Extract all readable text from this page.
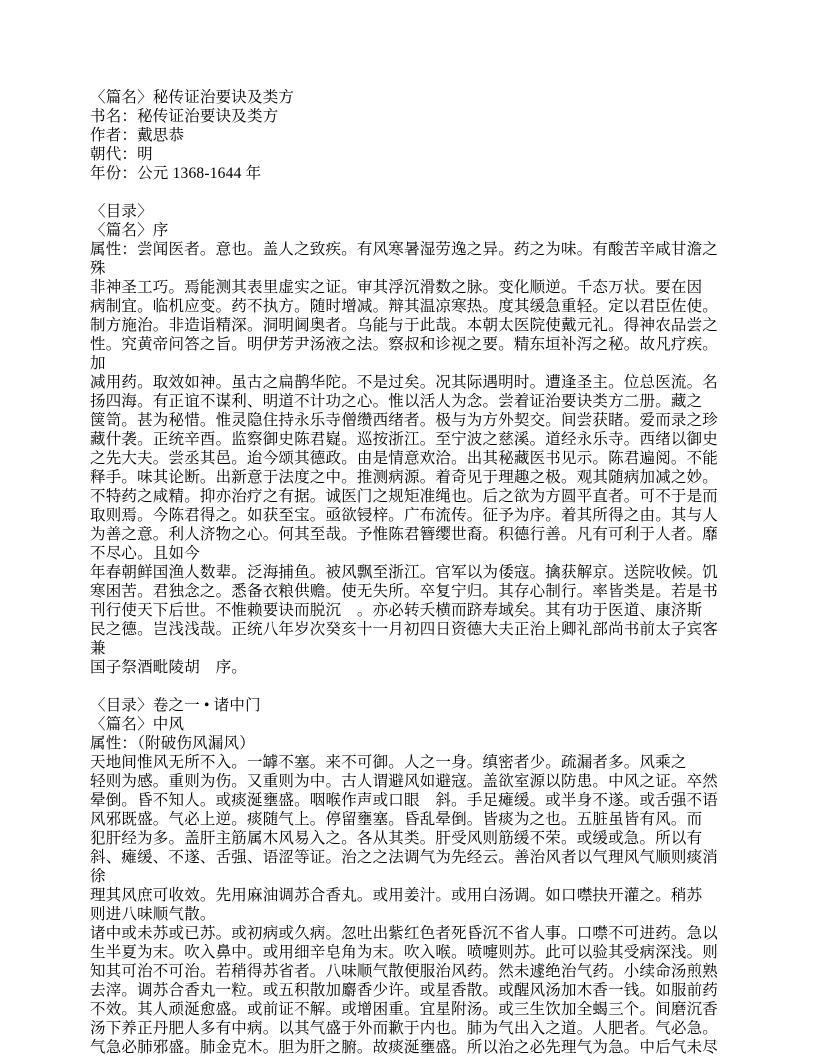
〈篇名〉秘传证治要诀及类方
书名：秘传证治要诀及类方
作者：戴思恭
朝代：明
年份：公元 1368-1644 年
〈目录〉
〈篇名〉序
属性：尝闻医者。意也。盖人之致疾。有风寒暑湿劳逸之异。药之为味。有酸苦辛咸甘澹之殊
非神圣工巧。焉能测其表里虚实之证。审其浮沉滑数之脉。变化顺逆。千态万状。要在因
病制宜。临机应变。药不执方。随时增减。辩其温凉寒热。度其缓急重轻。定以君臣佐使。
制方施治。非造诣精深。洞明阃奥者。乌能与于此哉。本朝太医院使戴元礼。得神农品尝之
性。究黄帝问答之旨。明伊芳尹汤液之法。察叔和诊视之要。精东垣补泻之秘。故凡疗疾。加
减用药。取效如神。虽古之扁鹊华陀。不是过矣。况其际遇明时。遭逢圣主。位总医流。名
扬四海。有正谊不谋利、明道不计功之心。惟以活人为念。尝着证治要诀类方二册。藏之
箧笥。甚为秘惜。惟灵隐住持永乐寺僧缵西绪者。极与为方外契交。间尝获睹。爱而录之珍
藏什袭。正统辛酉。监察御史陈君嶷。巡按浙江。至宁波之慈溪。道经永乐寺。西绪以御史
之先大夫。尝丞其邑。迨今颂其德政。由是情意欢洽。出其秘藏医书见示。陈君遍阅。不能
释手。味其论断。出新意于法度之中。推测病源。着奇见于理趣之极。观其随病加减之妙。
不特药之咸精。抑亦治疗之有据。诚医门之规矩准绳也。后之欲为方圆平直者。可不于是而
取则焉。今陈君得之。如获至宝。亟欲锓梓。广布流传。征予为序。着其所得之由。其与人
为善之意。利人济物之心。何其至哉。予惟陈君簪缨世裔。积德行善。凡有可利于人者。靡
不尽心。且如今
年春朝鲜国渔人数辈。泛海捕鱼。被风飘至浙江。官军以为倭寇。擒获解京。送院收候。饥
寒困苦。君独念之。悉备衣粮供赡。使无失所。卒复宁归。其存心制行。率皆类是。若是书
刊行使天下后世。不惟赖要诀而脱沉　。亦必转夭横而跻寿域矣。其有功于医道、康济斯
民之德。岂浅浅哉。正统八年岁次癸亥十一月初四日资德大夫正治上卿礼部尚书前太子宾客兼
国子祭酒毗陵胡　序。
〈目录〉卷之一 • 诸中门
〈篇名〉中风
属性：（附破伤风漏风）
天地间惟风无所不入。一罅不塞。来不可御。人之一身。缜密者少。疏漏者多。风乘之
轻则为感。重则为伤。又重则为中。古人谓避风如避寇。盖欲室源以防患。中风之证。卒然
晕倒。昏不知人。或痰涎壅盛。咽喉作声或口眼　斜。手足瘫缓。或半身不遂。或舌强不语
风邪既盛。气必上逆。痰随气上。停留壅塞。昏乱晕倒。皆痰为之也。五脏虽皆有风。而
犯肝经为多。盖肝主筋属木风易入之。各从其类。肝受风则筋缓不荣。或缓或急。所以有
斜、瘫缓、不遂、舌强、语涩等证。治之之法调气为先经云。善治风者以气理风气顺则痰消徐
理其风庶可收效。先用麻油调苏合香丸。或用姜汁。或用白汤调。如口噤抉开灌之。稍苏
则进八味顺气散。
诸中或未苏或已苏。或初病或久病。忽吐出紫红色者死昏沉不省人事。口噤不可进药。急以
生半夏为末。吹入鼻中。或用细辛皂角为末。吹入喉。喷嚏则苏。此可以验其受病深浅。则
知其可治不可治。若稍得苏省者。八味顺气散便服治风药。然未遽绝治气药。小续命汤煎熟
去滓。调苏合香丸一粒。或五积散加麝香少许。或星香散。或醒风汤加木香一钱。如服前药
不效。其人顽涎愈盛。或前证不解。或增困重。宜星附汤。或三生饮加全蝎三个。间磨沉香
汤下养正丹肥人多有中病。以其气盛于外而歉于内也。肺为气出入之道。人肥者。气必急。
气急必肺邪盛。肺金克木。胆为肝之腑。故痰涎壅盛。所以治之必先理气为急。中后气未尽
